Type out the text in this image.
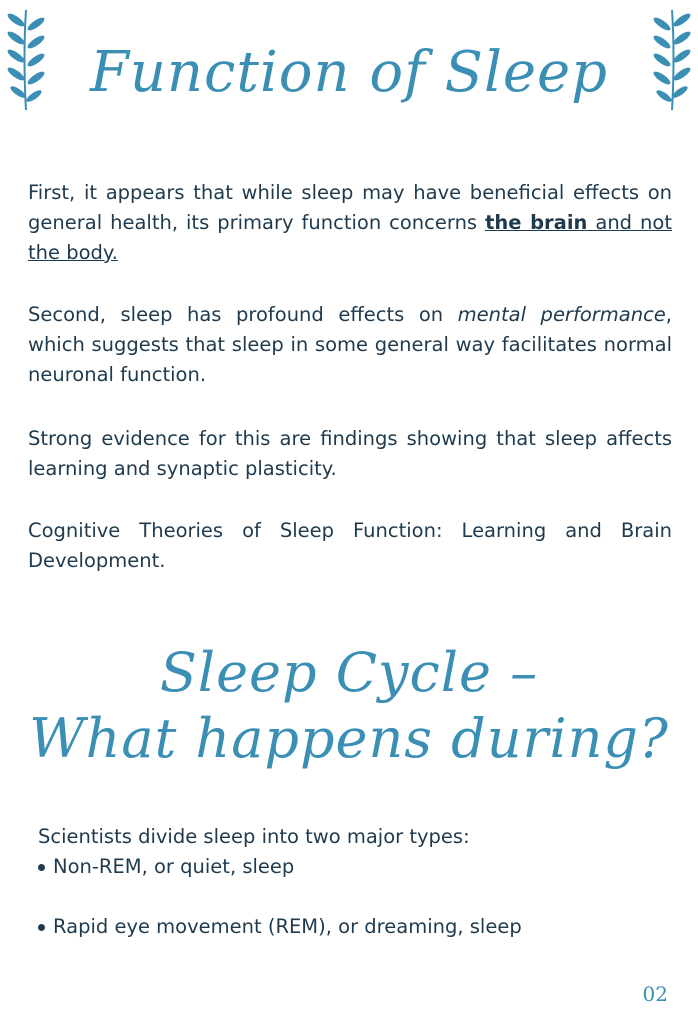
Function of Sleep
First, it appears that while sleep may have beneficial effects on general health, its primary function concerns the brain and not the body.
Second, sleep has profound effects on mental performance, which suggests that sleep in some general way facilitates normal neuronal function.
Strong evidence for this are findings showing that sleep affects learning and synaptic plasticity.
Cognitive Theories of Sleep Function: Learning and Brain Development.
Sleep Cycle –
What happens during?
Scientists divide sleep into two major types:
Non-REM, or quiet, sleep
Rapid eye movement (REM), or dreaming, sleep
02
